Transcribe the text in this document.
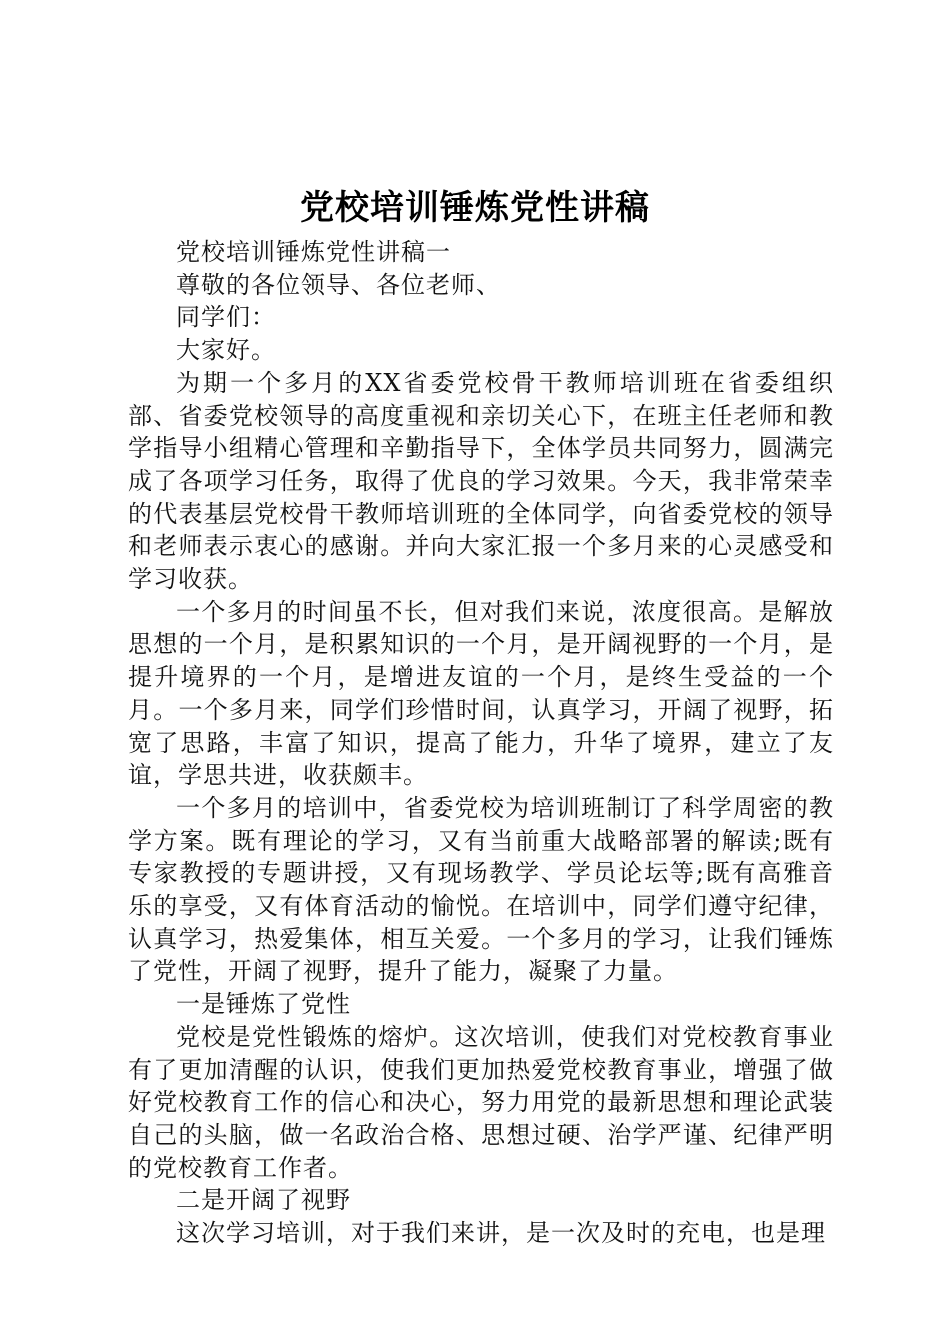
党校培训锤炼党性讲稿

党校培训锤炼党性讲稿一

尊敬的各位领导、各位老师、

同学们：

大家好。

为期一个多月的XX省委党校骨干教师培训班在省委组织部、省委党校领导的高度重视和亲切关心下，在班主任老师和教学指导小组精心管理和辛勤指导下，全体学员共同努力，圆满完成了各项学习任务，取得了优良的学习效果。今天，我非常荣幸的代表基层党校骨干教师培训班的全体同学，向省委党校的领导和老师表示衷心的感谢。并向大家汇报一个多月来的心灵感受和学习收获。

一个多月的时间虽不长，但对我们来说，浓度很高。是解放思想的一个月，是积累知识的一个月，是开阔视野的一个月，是提升境界的一个月，是增进友谊的一个月，是终生受益的一个月。一个多月来，同学们珍惜时间，认真学习，开阔了视野，拓宽了思路，丰富了知识，提高了能力，升华了境界，建立了友谊，学思共进，收获颇丰。

一个多月的培训中，省委党校为培训班制订了科学周密的教学方案。既有理论的学习，又有当前重大战略部署的解读;既有专家教授的专题讲授，又有现场教学、学员论坛等;既有高雅音乐的享受，又有体育活动的愉悦。在培训中，同学们遵守纪律，认真学习，热爱集体，相互关爱。一个多月的学习，让我们锤炼了党性，开阔了视野，提升了能力，凝聚了力量。

一是锤炼了党性

党校是党性锻炼的熔炉。这次培训，使我们对党校教育事业有了更加清醒的认识，使我们更加热爱党校教育事业，增强了做好党校教育工作的信心和决心，努力用党的最新思想和理论武装自己的头脑，做一名政治合格、思想过硬、治学严谨、纪律严明的党校教育工作者。

二是开阔了视野

这次学习培训，对于我们来讲，是一次及时的充电，也是理
